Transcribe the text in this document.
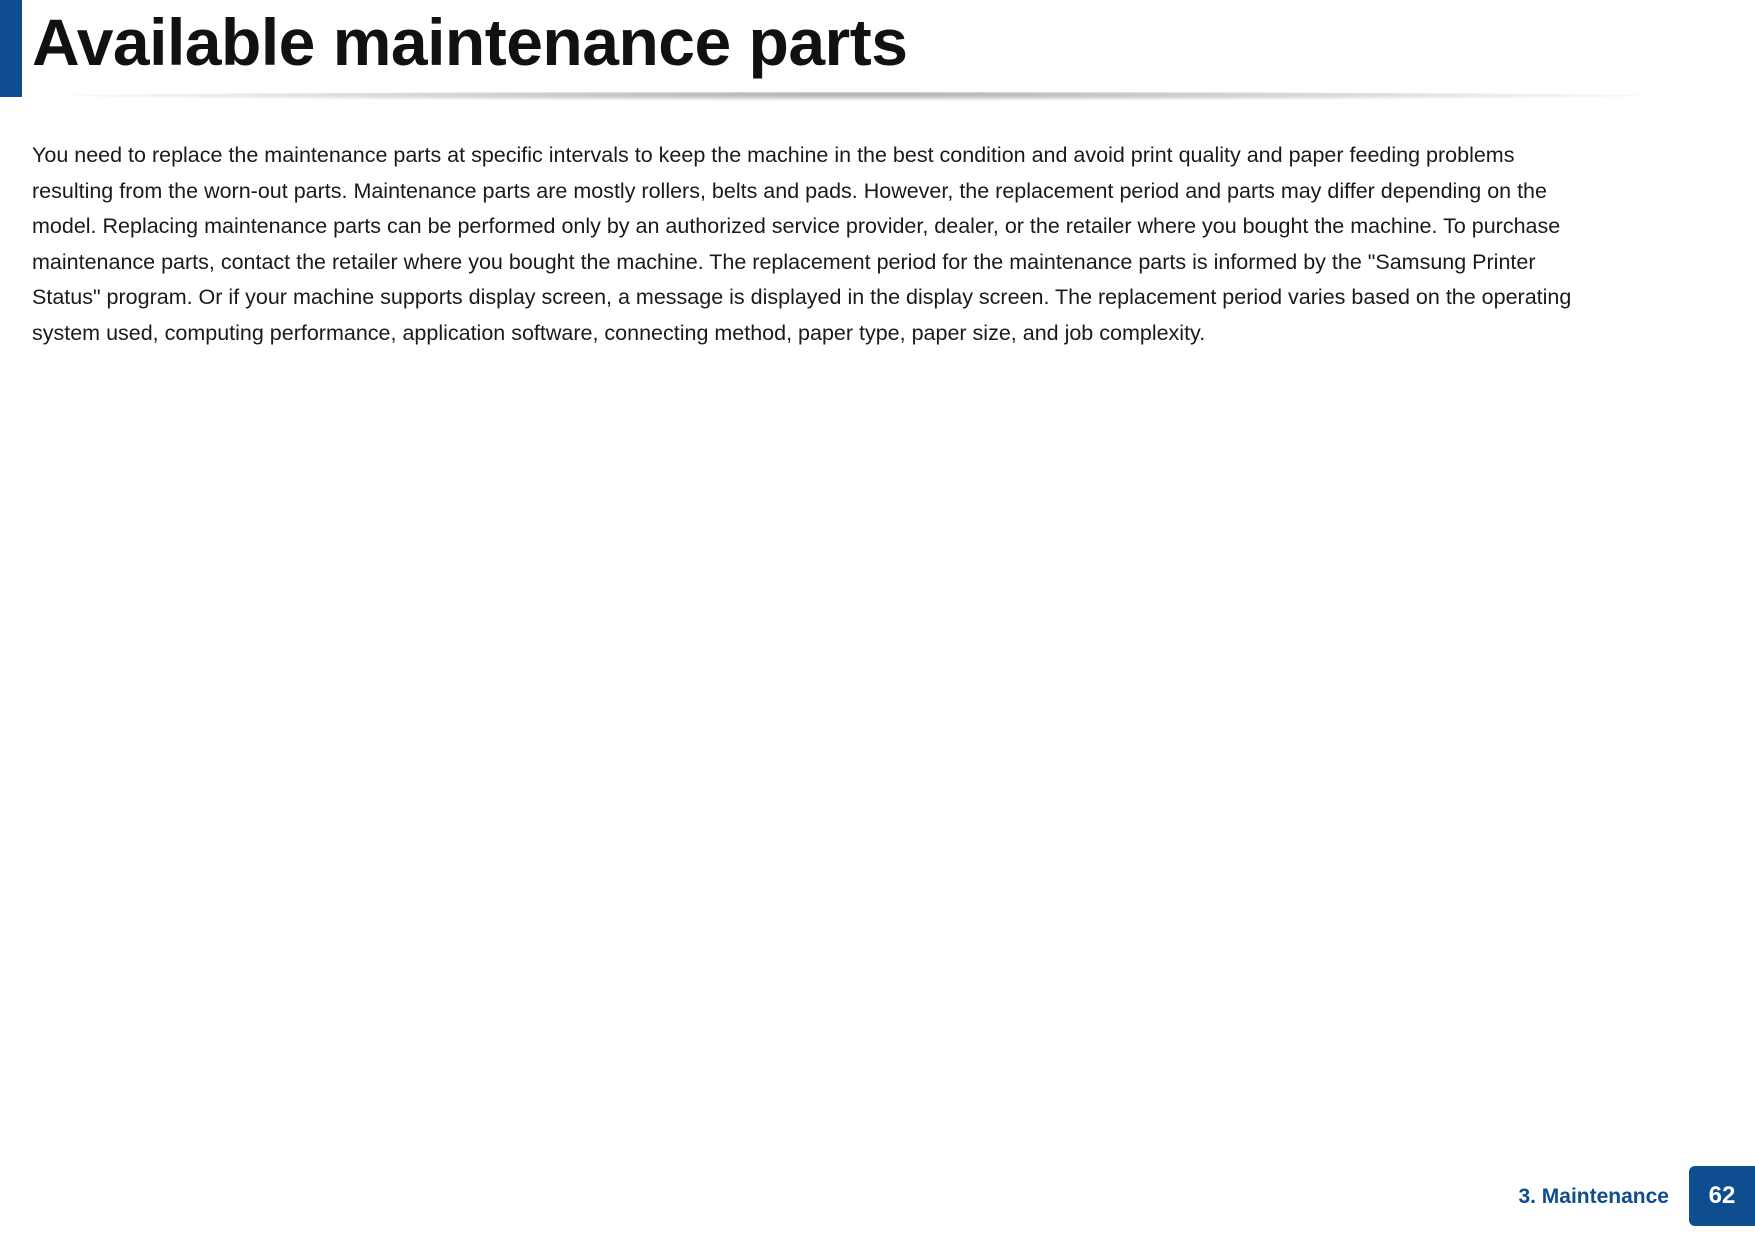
Available maintenance parts

You need to replace the maintenance parts at specific intervals to keep the machine in the best condition and avoid print quality and paper feeding problems
resulting from the worn-out parts. Maintenance parts are mostly rollers, belts and pads. However, the replacement period and parts may differ depending on the
model. Replacing maintenance parts can be performed only by an authorized service provider, dealer, or the retailer where you bought the machine. To purchase
maintenance parts, contact the retailer where you bought the machine. The replacement period for the maintenance parts is informed by the "Samsung Printer
Status" program. Or if your machine supports display screen, a message is displayed in the display screen. The replacement period varies based on the operating
system used, computing performance, application software, connecting method, paper type, paper size, and job complexity.

3. Maintenance	62
